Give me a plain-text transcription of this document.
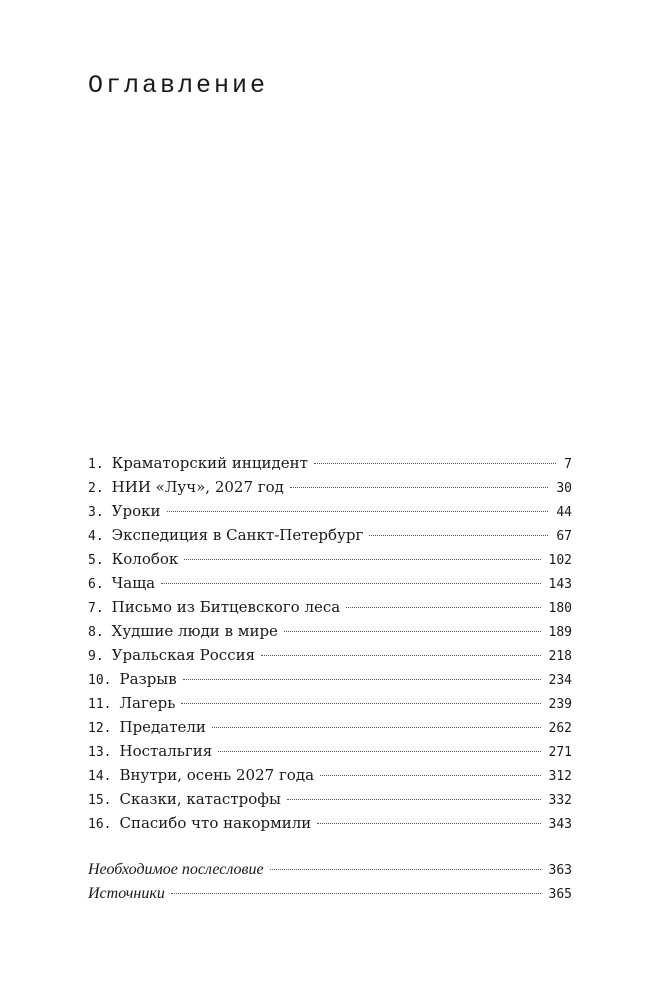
Оглавление
1. Краматорский инцидент	7
2. НИИ «Луч», 2027 год	30
3. Уроки	44
4. Экспедиция в Санкт-Петербург	67
5. Колобок	102
6. Чаща	143
7. Письмо из Битцевского леса	180
8. Худшие люди в мире	189
9. Уральская Россия	218
10. Разрыв	234
11. Лагерь	239
12. Предатели	262
13. Ностальгия	271
14. Внутри, осень 2027 года	312
15. Сказки, катастрофы	332
16. Спасибо что накормили	343
Необходимое послесловие	363
Источники	365
